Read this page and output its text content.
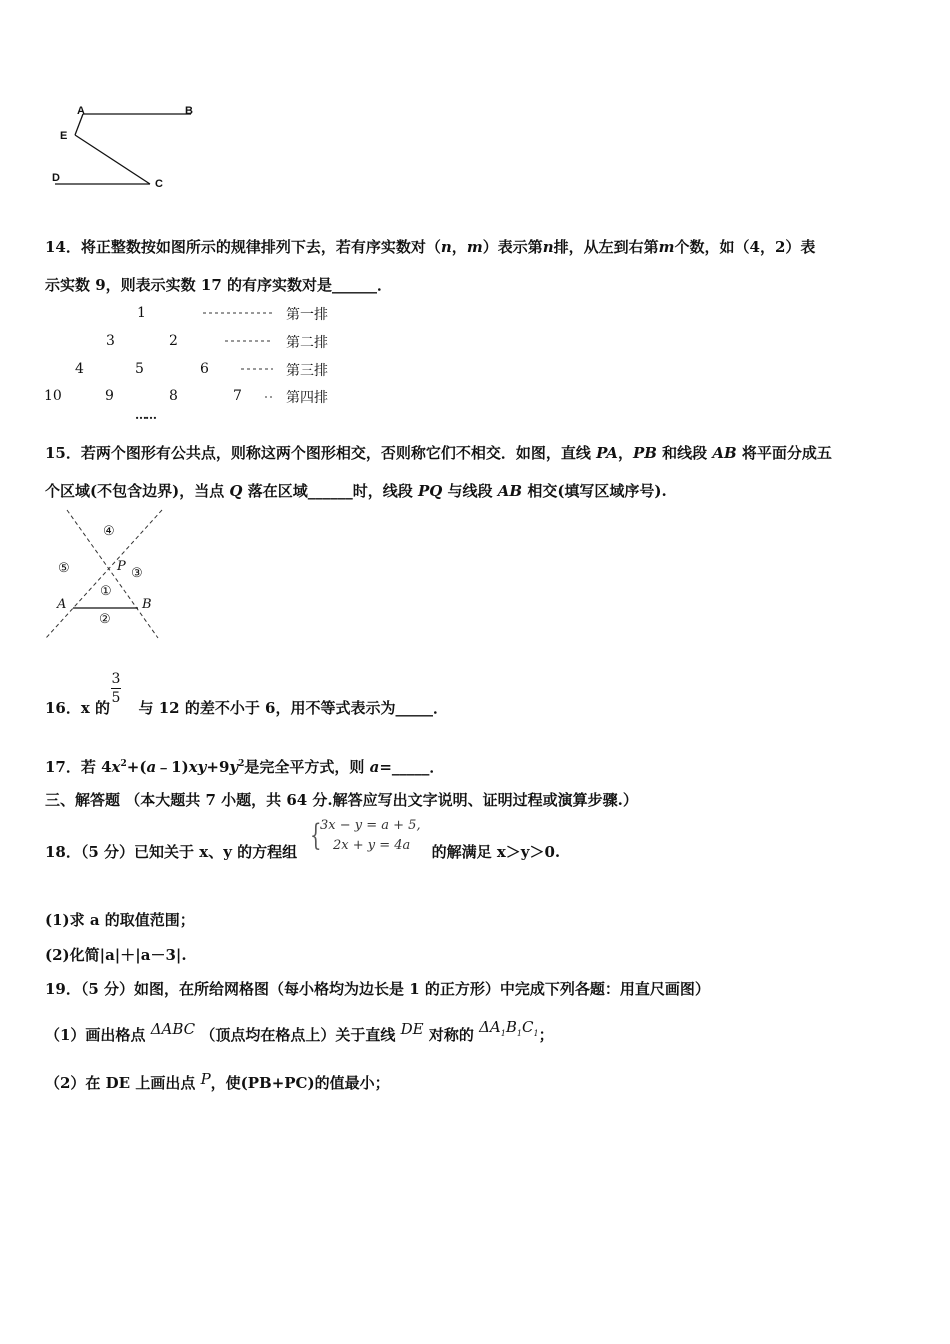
A	B
E
D	C
14．将正整数按如图所示的规律排列下去，若有序实数对（n，m）表示第n排，从左到右第m个数，如（4，2）表
示实数 9，则表示实数 17 的有序实数对是______．
1
3	2
4	5	6
10	9	8	7
第一排
第二排
第三排
第四排
……
15．若两个图形有公共点，则称这两个图形相交，否则称它们不相交．如图，直线 PA，PB 和线段 AB 将平面分成五
个区域(不包含边界)，当点 Q 落在区域______时，线段 PQ 与线段 AB 相交(填写区域序号).
④
⑤	③
①
②
P
A	B
16．x 的 与 12 的差不小于 6，用不等式表示为_____．
3
5
17．若 $4x^2+(a﹣1)xy+9y^2$是完全平方式，则 a=_____．
三、解答题 （本大题共 7 小题，共 64 分.解答应写出文字说明、证明过程或演算步骤.）
18．（5 分）已知关于 x、y 的方程组	的解满足 x＞y＞0.
{
3x − y = a + 5,
2x + y = 4a
(1)求 a 的取值范围；
(2)化简|a|＋|a－3|.
19．（5 分）如图，在所给网格图（每小格均为边长是 1 的正方形）中完成下列各题：用直尺画图）
（1）画出格点 ΔABC （顶点均在格点上）关于直线 DE 对称的 $\Delta A_1B_1C_1$；
（2）在 DE 上画出点 P，使(PB+PC)的值最小；
